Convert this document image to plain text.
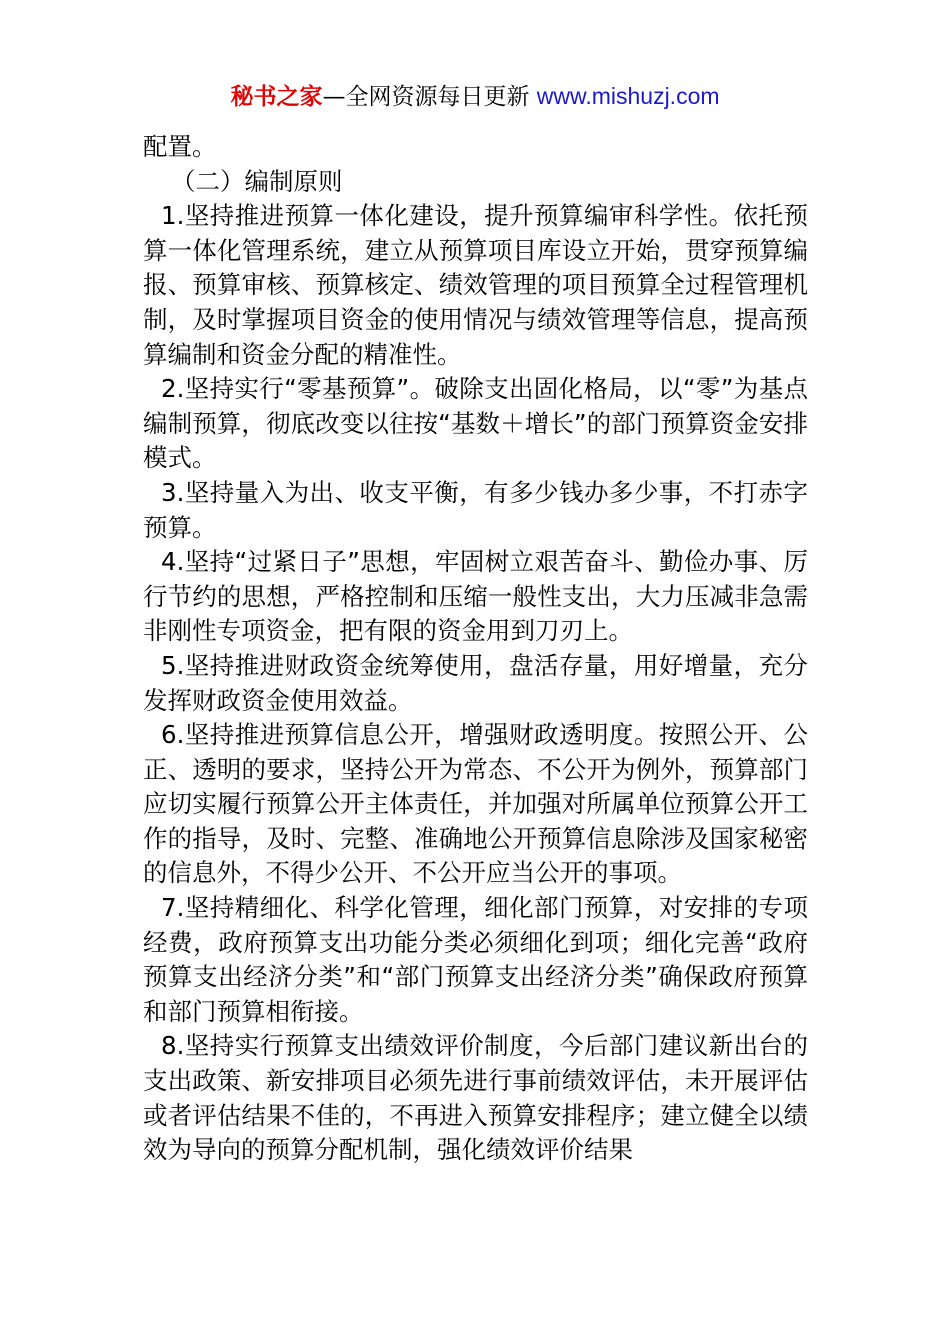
秘书之家—全网资源每日更新 www.mishuzj.com

配置。

（二）编制原则

1.坚持推进预算一体化建设，提升预算编审科学性。依托预算一体化管理系统，建立从预算项目库设立开始，贯穿预算编报、预算审核、预算核定、绩效管理的项目预算全过程管理机制，及时掌握项目资金的使用情况与绩效管理等信息，提高预算编制和资金分配的精准性。

2.坚持实行“零基预算”。破除支出固化格局，以“零”为基点编制预算，彻底改变以往按“基数＋增长”的部门预算资金安排模式。

3.坚持量入为出、收支平衡，有多少钱办多少事，不打赤字预算。

4.坚持“过紧日子”思想，牢固树立艰苦奋斗、勤俭办事、厉行节约的思想，严格控制和压缩一般性支出，大力压减非急需非刚性专项资金，把有限的资金用到刀刃上。

5.坚持推进财政资金统筹使用，盘活存量，用好增量，充分发挥财政资金使用效益。

6.坚持推进预算信息公开，增强财政透明度。按照公开、公正、透明的要求，坚持公开为常态、不公开为例外，预算部门应切实履行预算公开主体责任，并加强对所属单位预算公开工作的指导，及时、完整、准确地公开预算信息除涉及国家秘密的信息外，不得少公开、不公开应当公开的事项。

7.坚持精细化、科学化管理，细化部门预算，对安排的专项经费，政府预算支出功能分类必须细化到项；细化完善“政府预算支出经济分类”和“部门预算支出经济分类”确保政府预算和部门预算相衔接。

8.坚持实行预算支出绩效评价制度，今后部门建议新出台的支出政策、新安排项目必须先进行事前绩效评估，未开展评估或者评估结果不佳的，不再进入预算安排程序；建立健全以绩效为导向的预算分配机制，强化绩效评价结果
